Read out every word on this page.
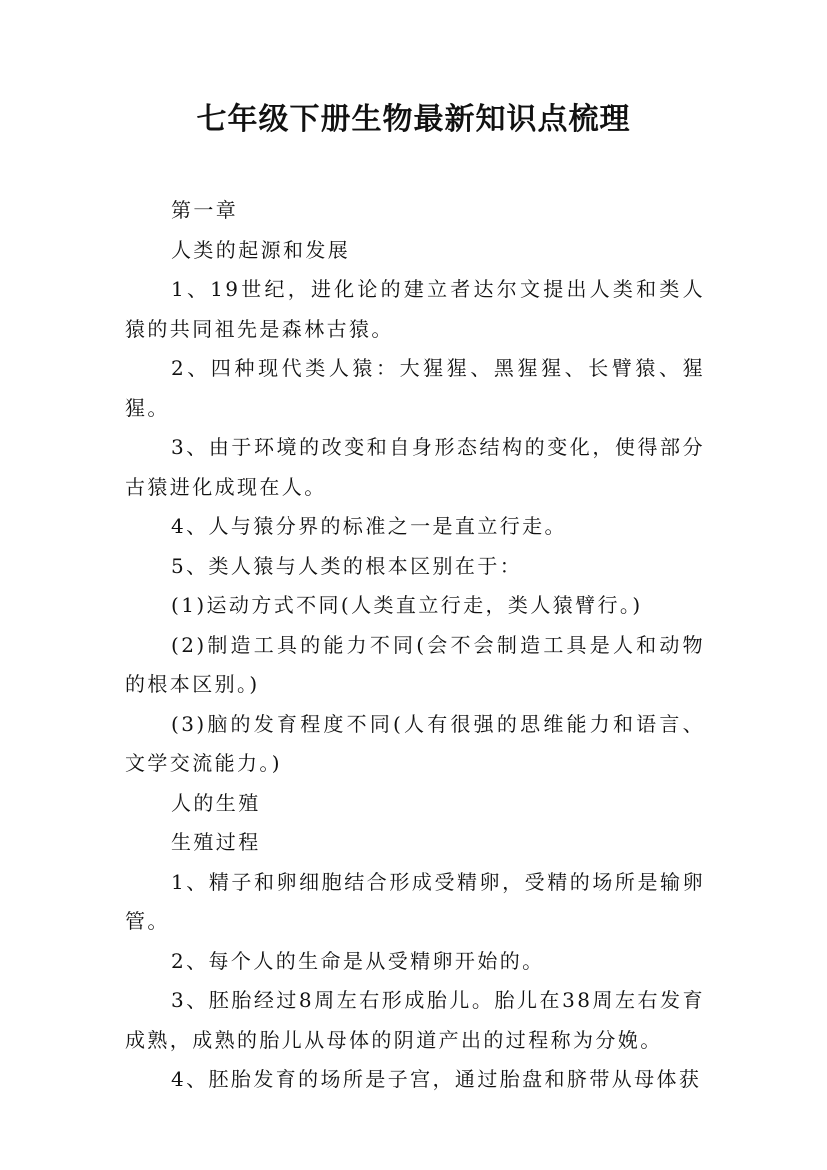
七年级下册生物最新知识点梳理

第一章

人类的起源和发展

1、19世纪，进化论的建立者达尔文提出人类和类人猿的共同祖先是森林古猿。

2、四种现代类人猿：大猩猩、黑猩猩、长臂猿、猩猩。

3、由于环境的改变和自身形态结构的变化，使得部分古猿进化成现在人。

4、人与猿分界的标准之一是直立行走。

5、类人猿与人类的根本区别在于：

(1)运动方式不同(人类直立行走，类人猿臂行。)

(2)制造工具的能力不同(会不会制造工具是人和动物的根本区别。)

(3)脑的发育程度不同(人有很强的思维能力和语言、文学交流能力。)

人的生殖

生殖过程

1、精子和卵细胞结合形成受精卵，受精的场所是输卵管。

2、每个人的生命是从受精卵开始的。

3、胚胎经过8周左右形成胎儿。胎儿在38周左右发育成熟，成熟的胎儿从母体的阴道产出的过程称为分娩。

4、胚胎发育的场所是子宫，通过胎盘和脐带从母体获
